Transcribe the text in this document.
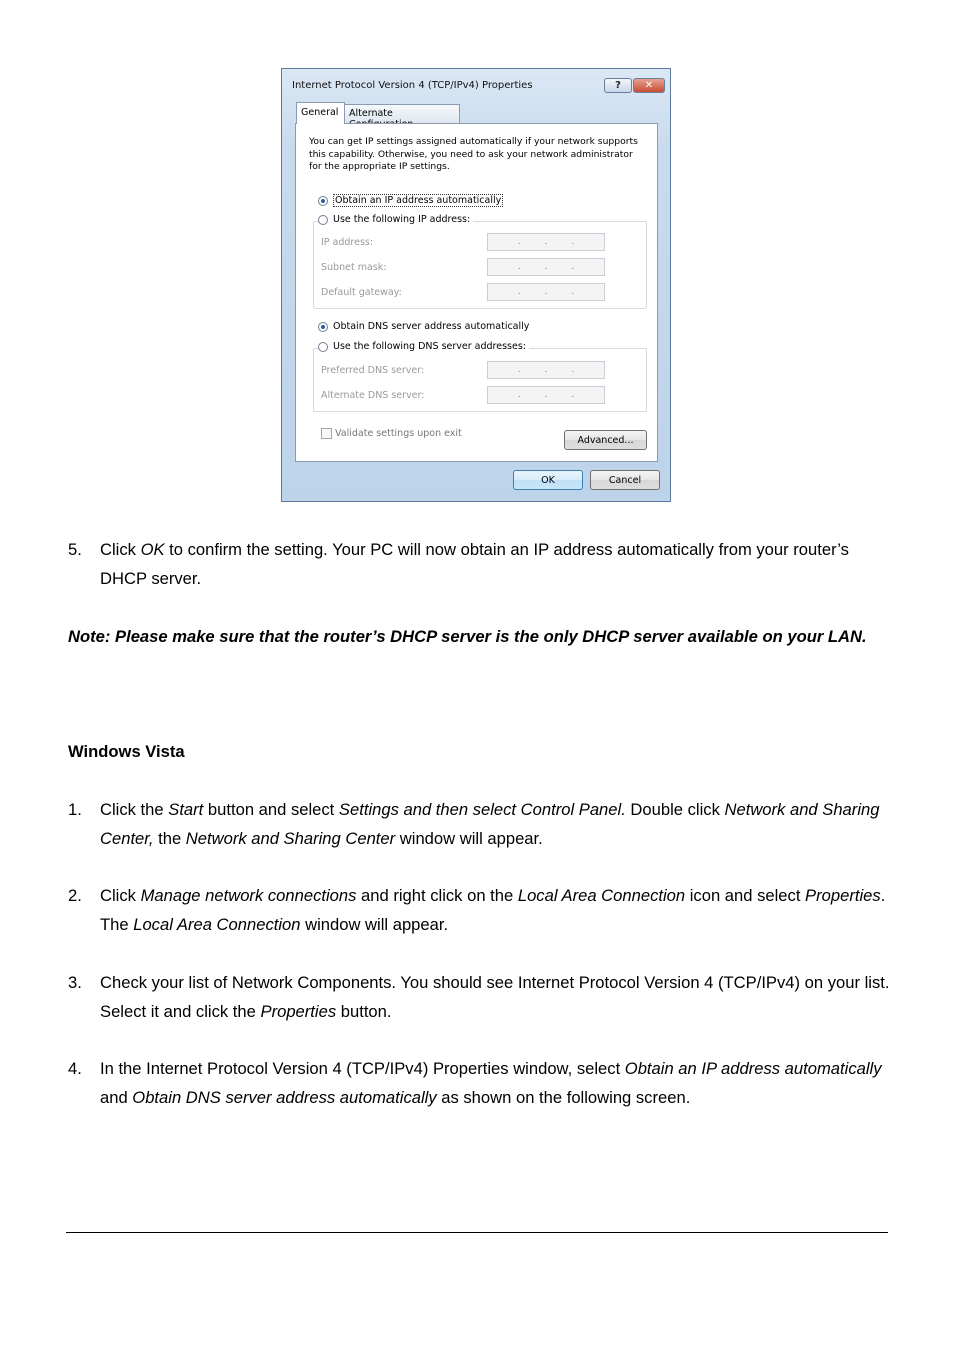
Internet Protocol Version 4 (TCP/IPv4) Properties	? ✕
General	Alternate
You can get IP settings assigned automatically if your network supports this capability. Otherwise, you need to ask your network administrator for the appropriate IP settings.
Obtain an IP address automatically
IP address:	.	.	.
Subnet mask:	.	.	.
Default gateway:	.	.	.
Use the following IP address:
Obtain DNS server address automatically
Preferred DNS server:	.	.	.
Alternate DNS server:	.	.	.
Use the following DNS server addresses:
Validate settings upon exit
Advanced...
OK	Cancel
5. Click OK to confirm the setting. Your PC will now obtain an IP address automatically from your router’s DHCP server.
Note: Please make sure that the router’s DHCP server is the only DHCP server available on your LAN.
Windows Vista
1. Click the Start button and select Settings and then select Control Panel. Double click Network and Sharing Center, the Network and Sharing Center window will appear.
2. Click Manage network connections and right click on the Local Area Connection icon and select Properties. The Local Area Connection window will appear.
3. Check your list of Network Components. You should see Internet Protocol Version 4 (TCP/IPv4) on your list. Select it and click the Properties button.
4. In the Internet Protocol Version 4 (TCP/IPv4) Properties window, select Obtain an IP address automatically and Obtain DNS server address automatically as shown on the following screen.
